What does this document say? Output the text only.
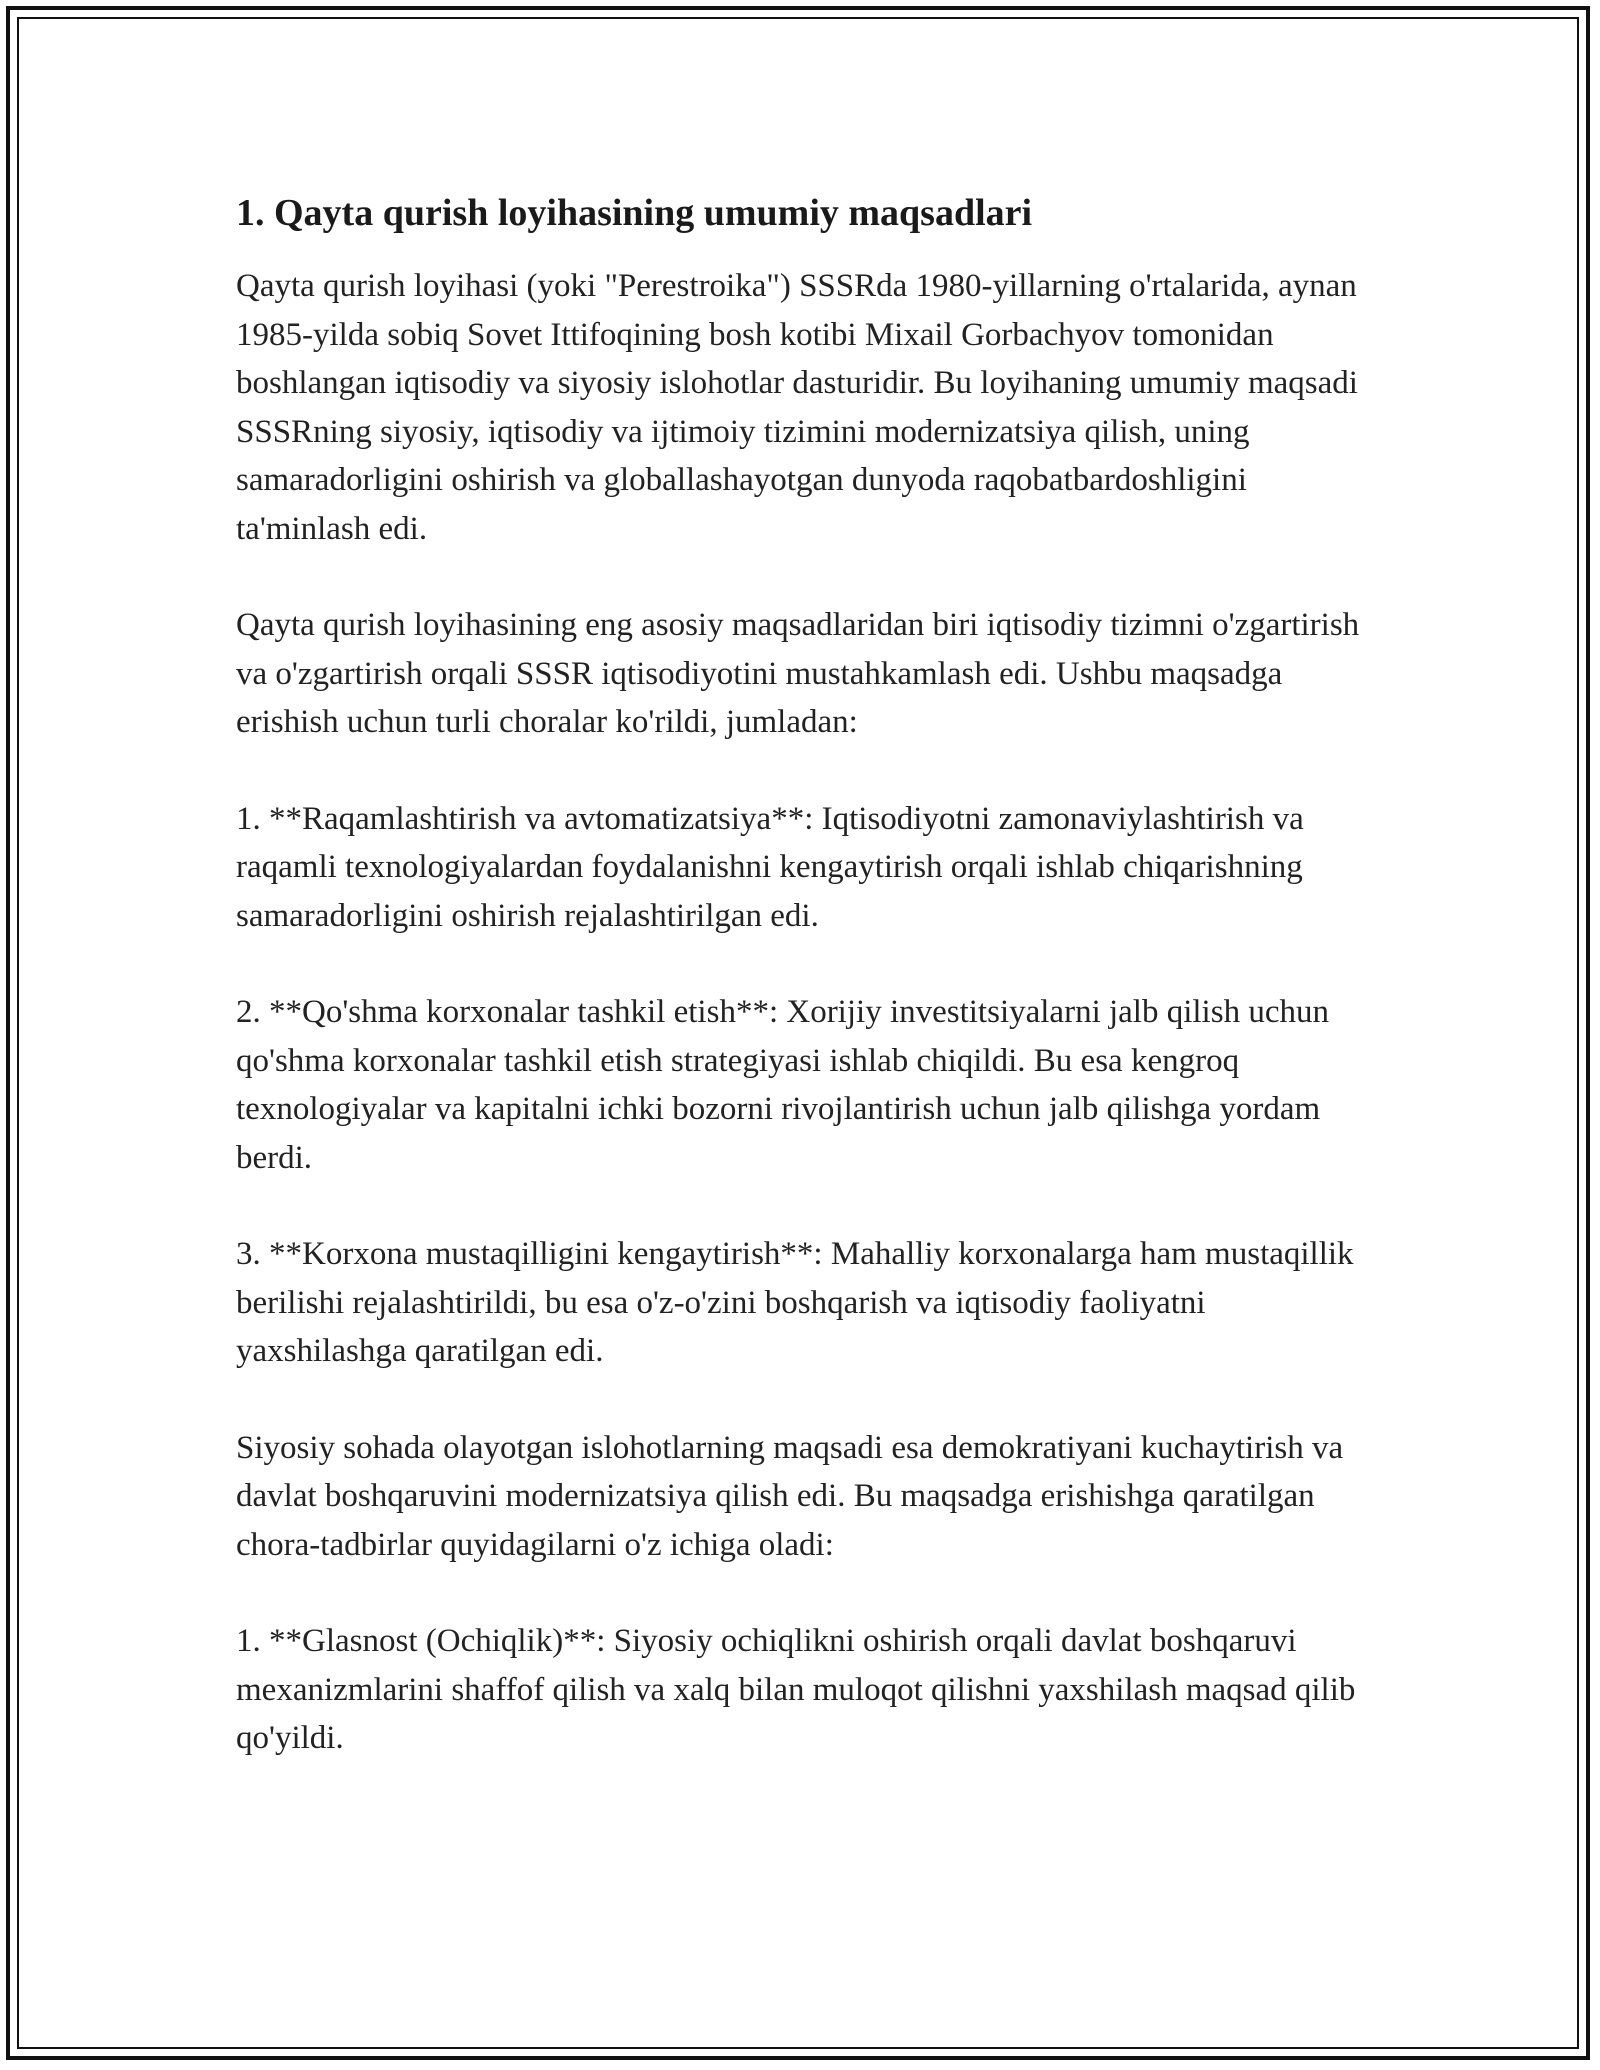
1. Qayta qurish loyihasining umumiy maqsadlari

Qayta qurish loyihasi (yoki "Perestroika") SSSRda 1980-yillarning o'rtalarida, aynan 1985-yilda sobiq Sovet Ittifoqining bosh kotibi Mixail Gorbachyov tomonidan boshlangan iqtisodiy va siyosiy islohotlar dasturidir. Bu loyihaning umumiy maqsadi SSSRning siyosiy, iqtisodiy va ijtimoiy tizimini modernizatsiya qilish, uning samaradorligini oshirish va globallashayotgan dunyoda raqobatbardoshligini ta'minlash edi.

Qayta qurish loyihasining eng asosiy maqsadlaridan biri iqtisodiy tizimni o'zgartirish va o'zgartirish orqali SSSR iqtisodiyotini mustahkamlash edi. Ushbu maqsadga erishish uchun turli choralar ko'rildi, jumladan:

1. **Raqamlashtirish va avtomatizatsiya**: Iqtisodiyotni zamonaviylashtirish va raqamli texnologiyalardan foydalanishni kengaytirish orqali ishlab chiqarishning samaradorligini oshirish rejalashtirilgan edi.

2. **Qo'shma korxonalar tashkil etish**: Xorijiy investitsiyalarni jalb qilish uchun qo'shma korxonalar tashkil etish strategiyasi ishlab chiqildi. Bu esa kengroq texnologiyalar va kapitalni ichki bozorni rivojlantirish uchun jalb qilishga yordam berdi.

3. **Korxona mustaqilligini kengaytirish**: Mahalliy korxonalarga ham mustaqillik berilishi rejalashtirildi, bu esa o'z-o'zini boshqarish va iqtisodiy faoliyatni yaxshilashga qaratilgan edi.

Siyosiy sohada olayotgan islohotlarning maqsadi esa demokratiyani kuchaytirish va davlat boshqaruvini modernizatsiya qilish edi. Bu maqsadga erishishga qaratilgan chora-tadbirlar quyidagilarni o'z ichiga oladi:

1. **Glasnost (Ochiqlik)**: Siyosiy ochiqlikni oshirish orqali davlat boshqaruvi mexanizmlarini shaffof qilish va xalq bilan muloqot qilishni yaxshilash maqsad qilib qo'yildi.
